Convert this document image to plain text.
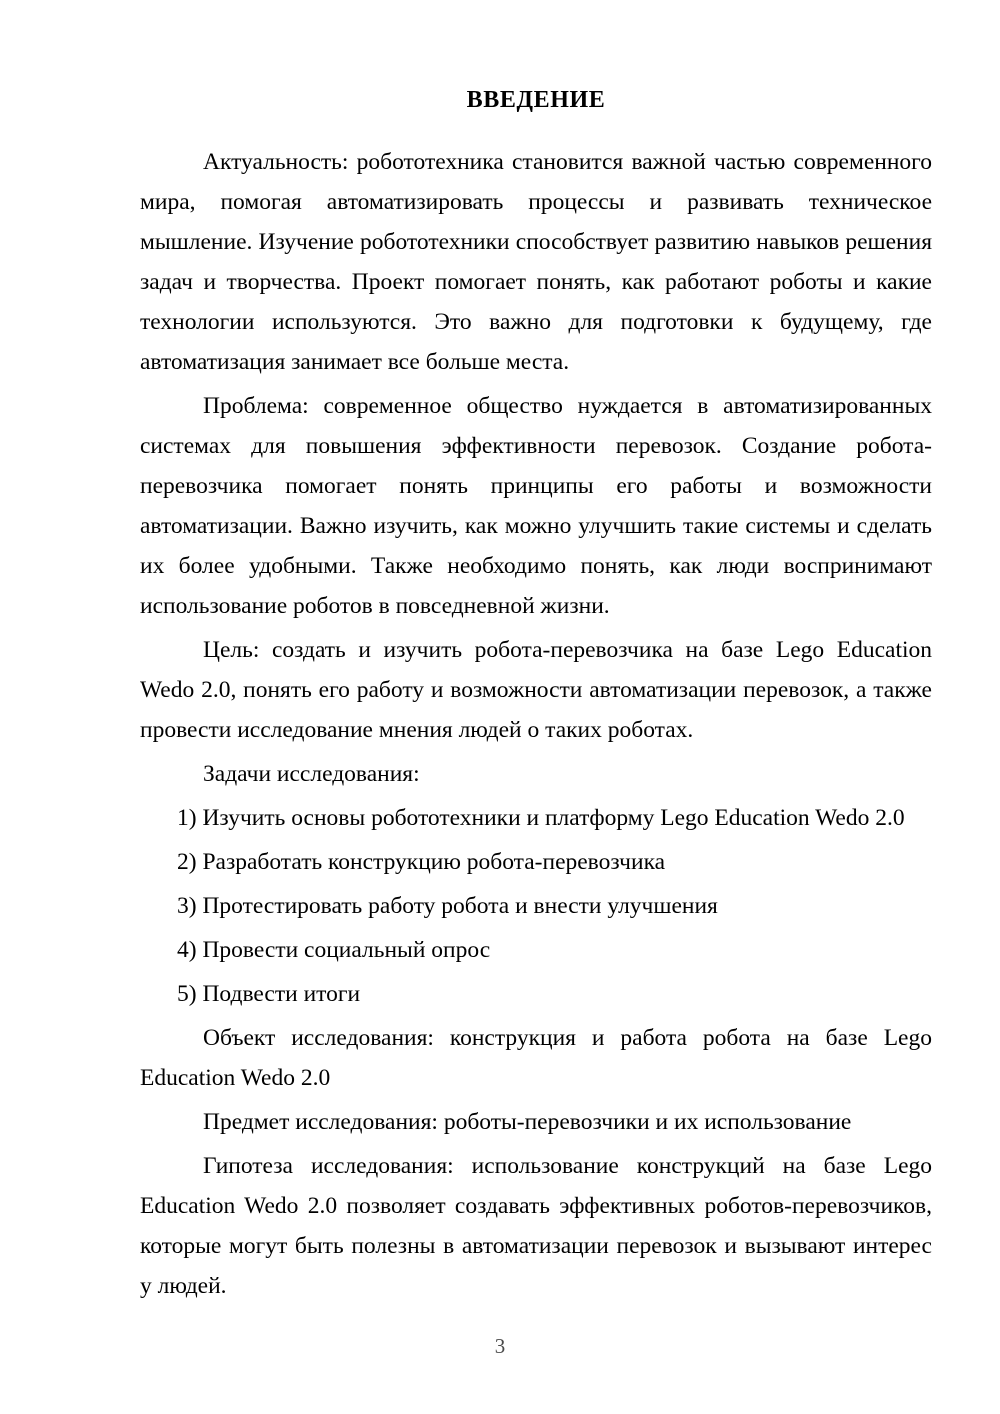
ВВЕДЕНИЕ

Актуальность: робототехника становится важной частью современного мира, помогая автоматизировать процессы и развивать техническое мышление. Изучение робототехники способствует развитию навыков решения задач и творчества. Проект помогает понять, как работают роботы и какие технологии используются. Это важно для подготовки к будущему, где автоматизация занимает все больше места.

Проблема: современное общество нуждается в автоматизированных системах для повышения эффективности перевозок. Создание робота-перевозчика помогает понять принципы его работы и возможности автоматизации. Важно изучить, как можно улучшить такие системы и сделать их более удобными. Также необходимо понять, как люди воспринимают использование роботов в повседневной жизни.

Цель: создать и изучить робота-перевозчика на базе Lego Education Wedo 2.0, понять его работу и возможности автоматизации перевозок, а также провести исследование мнения людей о таких роботах.

Задачи исследования:

1) Изучить основы робототехники и платформу Lego Education Wedo 2.0

2) Разработать конструкцию робота-перевозчика

3) Протестировать работу робота и внести улучшения

4) Провести социальный опрос

5) Подвести итоги

Объект исследования: конструкция и работа робота на базе Lego Education Wedo 2.0

Предмет исследования: роботы-перевозчики и их использование

Гипотеза исследования: использование конструкций на базе Lego Education Wedo 2.0 позволяет создавать эффективных роботов-перевозчиков, которые могут быть полезны в автоматизации перевозок и вызывают интерес у людей.

3
